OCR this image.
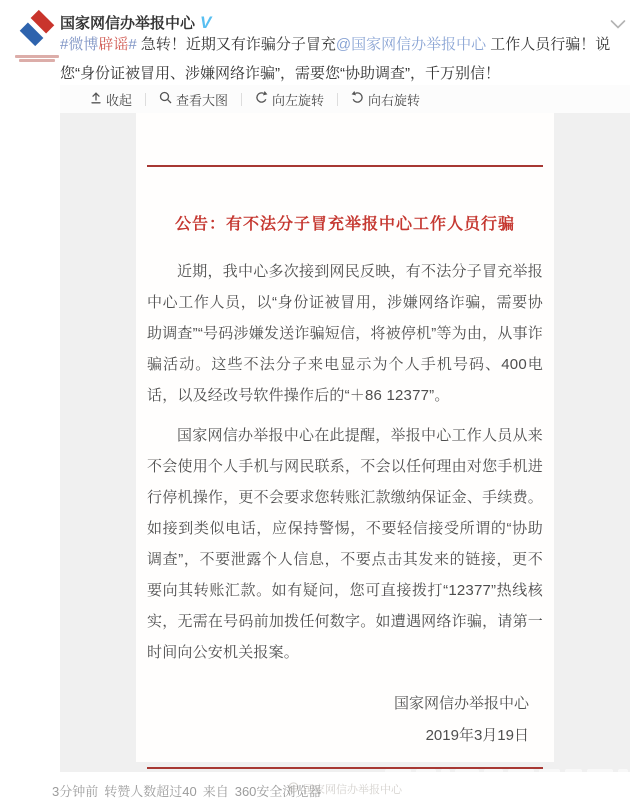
国家网信办举报中心 V
#微博辟谣# 急转！近期又有诈骗分子冒充@国家网信办举报中心 工作人员行骗！说您“身份证被冒用、涉嫌网络诈骗”，需要您“协助调查”，千万别信！
收起	查看大图	向左旋转	向右旋转
公告：有不法分子冒充举报中心工作人员行骗

近期，我中心多次接到网民反映，有不法分子冒充举报中心工作人员，以“身份证被冒用，涉嫌网络诈骗，需要协助调查”“号码涉嫌发送诈骗短信，将被停机”等为由，从事诈骗活动。这些不法分子来电显示为个人手机号码、400电话，以及经改号软件操作后的“＋86 12377”。

国家网信办举报中心在此提醒，举报中心工作人员从来不会使用个人手机与网民联系，不会以任何理由对您手机进行停机操作，更不会要求您转账汇款缴纳保证金、手续费。如接到类似电话，应保持警惕，不要轻信接受所谓的“协助调查”，不要泄露个人信息，不要点击其发来的链接，更不要向其转账汇款。如有疑问，您可直接拨打“12377”热线核实，无需在号码前加拨任何数字。如遭遇网络诈骗，请第一时间向公安机关报案。

国家网信办举报中心
2019年3月19日
国家网信办举报中心
3分钟前 转赞人数超过40 来自 360安全浏览器
